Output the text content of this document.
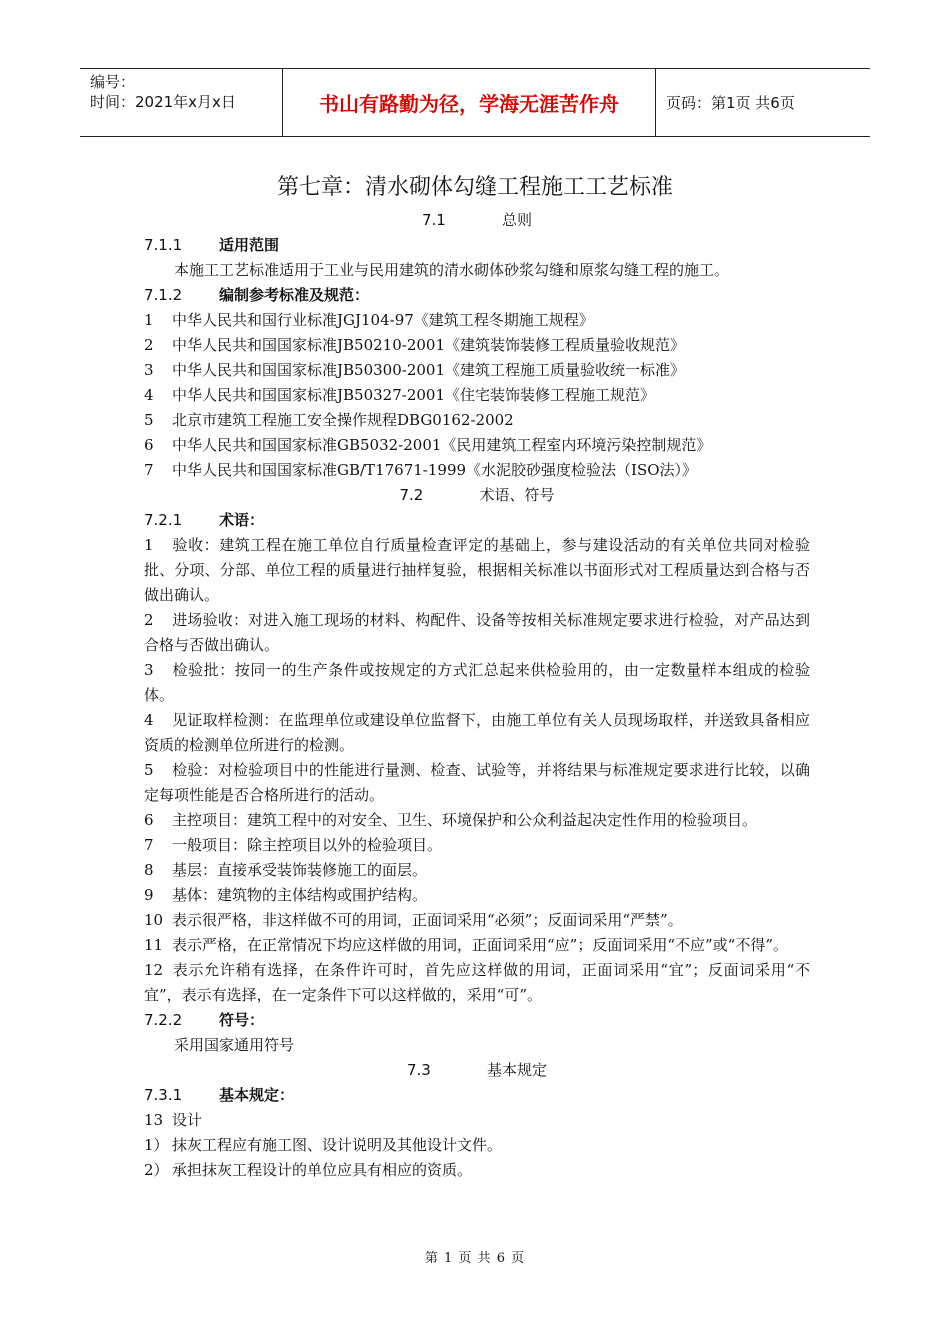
编号：
时间：2021年x月x日	书山有路勤为径，学海无涯苦作舟	页码：第1页 共6页
第七章：清水砌体勾缝工程施工工艺标准
7.1	总则
7.1.1 适用范围
本施工工艺标准适用于工业与民用建筑的清水砌体砂浆勾缝和原浆勾缝工程的施工。
7.1.2 编制参考标准及规范：
1 中华人民共和国行业标准JGJ104-97《建筑工程冬期施工规程》
2 中华人民共和国国家标准JB50210-2001《建筑装饰装修工程质量验收规范》
3 中华人民共和国国家标准JB50300-2001《建筑工程施工质量验收统一标准》
4 中华人民共和国国家标准JB50327-2001《住宅装饰装修工程施工规范》
5 北京市建筑工程施工安全操作规程DBG0162-2002
6 中华人民共和国国家标准GB5032-2001《民用建筑工程室内环境污染控制规范》
7 中华人民共和国国家标准GB/T17671-1999《水泥胶砂强度检验法（ISO法）》
7.2	术语、符号
7.2.1 术语：
1 验收：建筑工程在施工单位自行质量检查评定的基础上，参与建设活动的有关单位共同对检验批、分项、分部、单位工程的质量进行抽样复验，根据相关标准以书面形式对工程质量达到合格与否做出确认。
2 进场验收：对进入施工现场的材料、构配件、设备等按相关标准规定要求进行检验，对产品达到合格与否做出确认。
3 检验批：按同一的生产条件或按规定的方式汇总起来供检验用的，由一定数量样本组成的检验体。
4 见证取样检测：在监理单位或建设单位监督下，由施工单位有关人员现场取样，并送致具备相应资质的检测单位所进行的检测。
5 检验：对检验项目中的性能进行量测、检查、试验等，并将结果与标准规定要求进行比较，以确定每项性能是否合格所进行的活动。
6 主控项目：建筑工程中的对安全、卫生、环境保护和公众利益起决定性作用的检验项目。
7 一般项目：除主控项目以外的检验项目。
8 基层：直接承受装饰装修施工的面层。
9 基体：建筑物的主体结构或围护结构。
10 表示很严格，非这样做不可的用词，正面词采用“必须”；反面词采用“严禁”。
11 表示严格，在正常情况下均应这样做的用词，正面词采用“应”；反面词采用“不应”或“不得”。
12 表示允许稍有选择，在条件许可时，首先应这样做的用词，正面词采用“宜”；反面词采用“不宜”，表示有选择，在一定条件下可以这样做的，采用“可”。
7.2.2 符号：
采用国家通用符号
7.3	基本规定
7.3.1 基本规定：
13 设计
1） 抹灰工程应有施工图、设计说明及其他设计文件。
2） 承担抹灰工程设计的单位应具有相应的资质。
第 1 页 共 6 页
